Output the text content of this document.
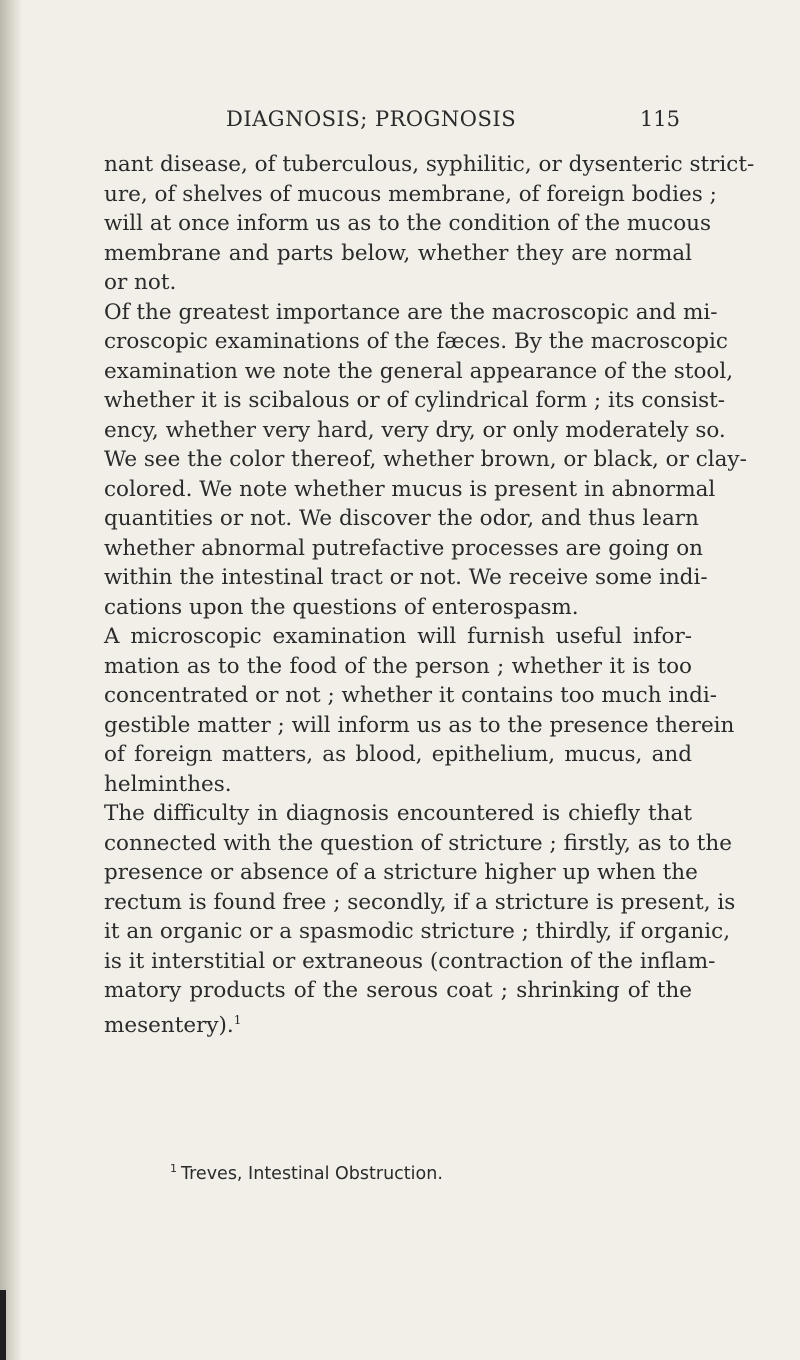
DIAGNOSIS; PROGNOSIS	115
nant disease, of tuberculous, syphilitic, or dysenteric strict-
ure, of shelves of mucous membrane, of foreign bodies ;
will at once inform us as to the condition of the mucous
membrane and parts below, whether they are normal
or not.
Of the greatest importance are the macroscopic and mi-
croscopic examinations of the fæces. By the macroscopic
examination we note the general appearance of the stool,
whether it is scibalous or of cylindrical form ; its consist-
ency, whether very hard, very dry, or only moderately so.
We see the color thereof, whether brown, or black, or clay-
colored. We note whether mucus is present in abnormal
quantities or not. We discover the odor, and thus learn
whether abnormal putrefactive processes are going on
within the intestinal tract or not. We receive some indi-
cations upon the questions of enterospasm.
A microscopic examination will furnish useful infor-
mation as to the food of the person ; whether it is too
concentrated or not ; whether it contains too much indi-
gestible matter ; will inform us as to the presence therein
of foreign matters, as blood, epithelium, mucus, and
helminthes.
The difficulty in diagnosis encountered is chiefly that
connected with the question of stricture ; firstly, as to the
presence or absence of a stricture higher up when the
rectum is found free ; secondly, if a stricture is present, is
it an organic or a spasmodic stricture ; thirdly, if organic,
is it interstitial or extraneous (contraction of the inflam-
matory products of the serous coat ; shrinking of the
mesentery).$^1$
$^1$ Treves, Intestinal Obstruction.
